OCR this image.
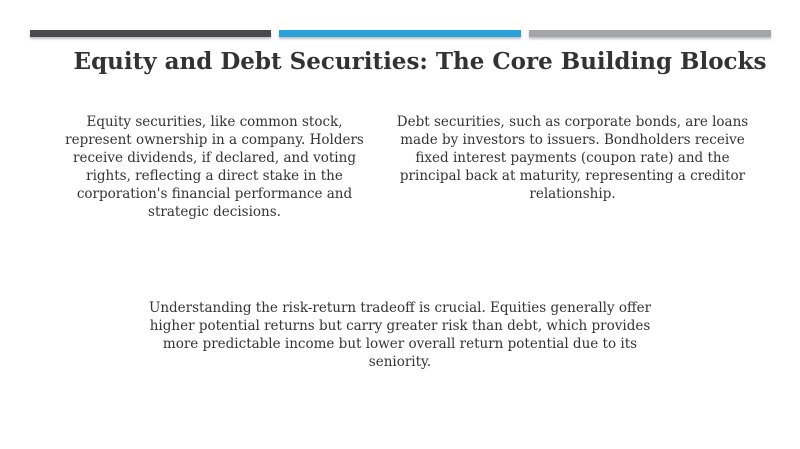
Equity and Debt Securities: The Core Building Blocks
Equity securities, like common stock, represent ownership in a company. Holders receive dividends, if declared, and voting rights, reflecting a direct stake in the corporation's financial performance and strategic decisions.
Debt securities, such as corporate bonds, are loans made by investors to issuers. Bondholders receive fixed interest payments (coupon rate) and the principal back at maturity, representing a creditor relationship.
Understanding the risk-return tradeoff is crucial. Equities generally offer higher potential returns but carry greater risk than debt, which provides more predictable income but lower overall return potential due to its seniority.
